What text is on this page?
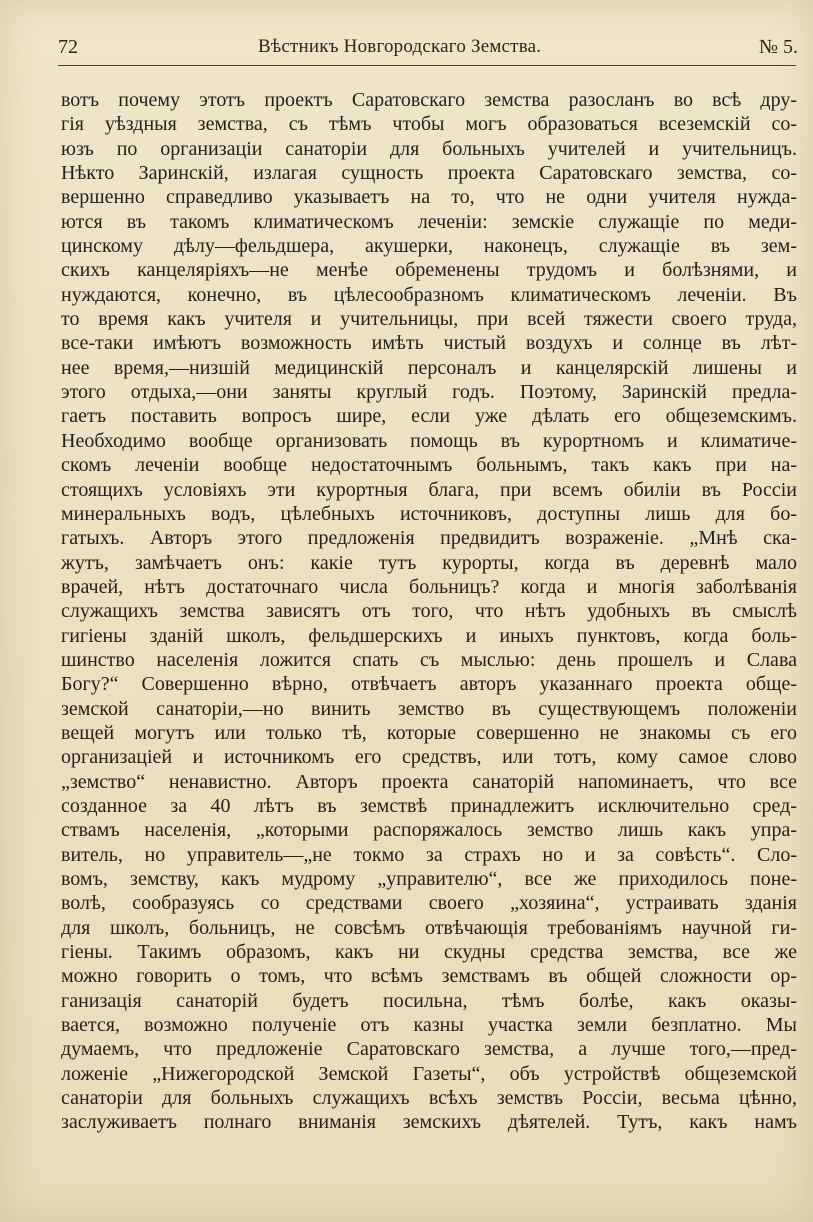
72	Вѣстникъ Новгородскаго Земства.	№ 5.
вотъ почему этотъ проектъ Саратовскаго земства разосланъ во всѣ дру-
гія уѣздныя земства, съ тѣмъ чтобы могъ образоваться всеземскій со-
юзъ по организаціи санаторіи для больныхъ учителей и учительницъ.
Нѣкто Заринскій, излагая сущность проекта Саратовскаго земства, со-
вершенно справедливо указываетъ на то, что не одни учителя нужда-
ются въ такомъ климатическомъ леченіи: земскіе служащіе по меди-
цинскому дѣлу—фельдшера, акушерки, наконецъ, служащіе въ зем-
скихъ канцеляріяхъ—не менѣе обременены трудомъ и болѣзнями, и
нуждаются, конечно, въ цѣлесообразномъ климатическомъ леченіи. Въ
то время какъ учителя и учительницы, при всей тяжести своего труда,
все-таки имѣютъ возможность имѣть чистый воздухъ и солнце въ лѣт-
нее время,—низшій медицинскій персоналъ и канцелярскій лишены и
этого отдыха,—они заняты круглый годъ. Поэтому, Заринскій предла-
гаетъ поставить вопросъ шире, если уже дѣлать его общеземскимъ.
Необходимо вообще организовать помощь въ курортномъ и климатиче-
скомъ леченіи вообще недостаточнымъ больнымъ, такъ какъ при на-
стоящихъ условіяхъ эти курортныя блага, при всемъ обиліи въ Россіи
минеральныхъ водъ, цѣлебныхъ источниковъ, доступны лишь для бо-
гатыхъ. Авторъ этого предложенія предвидитъ возраженіе. „Мнѣ ска-
жутъ, замѣчаетъ онъ: какіе тутъ курорты, когда въ деревнѣ мало
врачей, нѣтъ достаточнаго числа больницъ? когда и многія заболѣванія
служащихъ земства зависятъ отъ того, что нѣтъ удобныхъ въ смыслѣ
гигіены зданій школъ, фельдшерскихъ и иныхъ пунктовъ, когда боль-
шинство населенія ложится спать съ мыслью: день прошелъ и Слава
Богу?“ Совершенно вѣрно, отвѣчаетъ авторъ указаннаго проекта обще-
земской санаторіи,—но винить земство въ существующемъ положеніи
вещей могутъ или только тѣ, которые совершенно не знакомы съ его
организаціей и источникомъ его средствъ, или тотъ, кому самое слово
„земство“ ненавистно. Авторъ проекта санаторій напоминаетъ, что все
созданное за 40 лѣтъ въ земствѣ принадлежитъ исключительно сред-
ствамъ населенія, „которыми распоряжалось земство лишь какъ упра-
витель, но управитель—„не токмо за страхъ но и за совѣсть“. Сло-
вомъ, земству, какъ мудрому „управителю“, все же приходилось поне-
волѣ, сообразуясь со средствами своего „хозяина“, устраивать зданія
для школъ, больницъ, не совсѣмъ отвѣчающія требованіямъ научной ги-
гіены. Такимъ образомъ, какъ ни скудны средства земства, все же
можно говорить о томъ, что всѣмъ земствамъ въ общей сложности ор-
ганизація санаторій будетъ посильна, тѣмъ болѣе, какъ оказы-
вается, возможно полученіе отъ казны участка земли безплатно. Мы
думаемъ, что предложеніе Саратовскаго земства, а лучше того,—пред-
ложеніе „Нижегородской Земской Газеты“, объ устройствѣ общеземской
санаторіи для больныхъ служащихъ всѣхъ земствъ Россіи, весьма цѣнно,
заслуживаетъ полнаго вниманія земскихъ дѣятелей. Тутъ, какъ намъ
